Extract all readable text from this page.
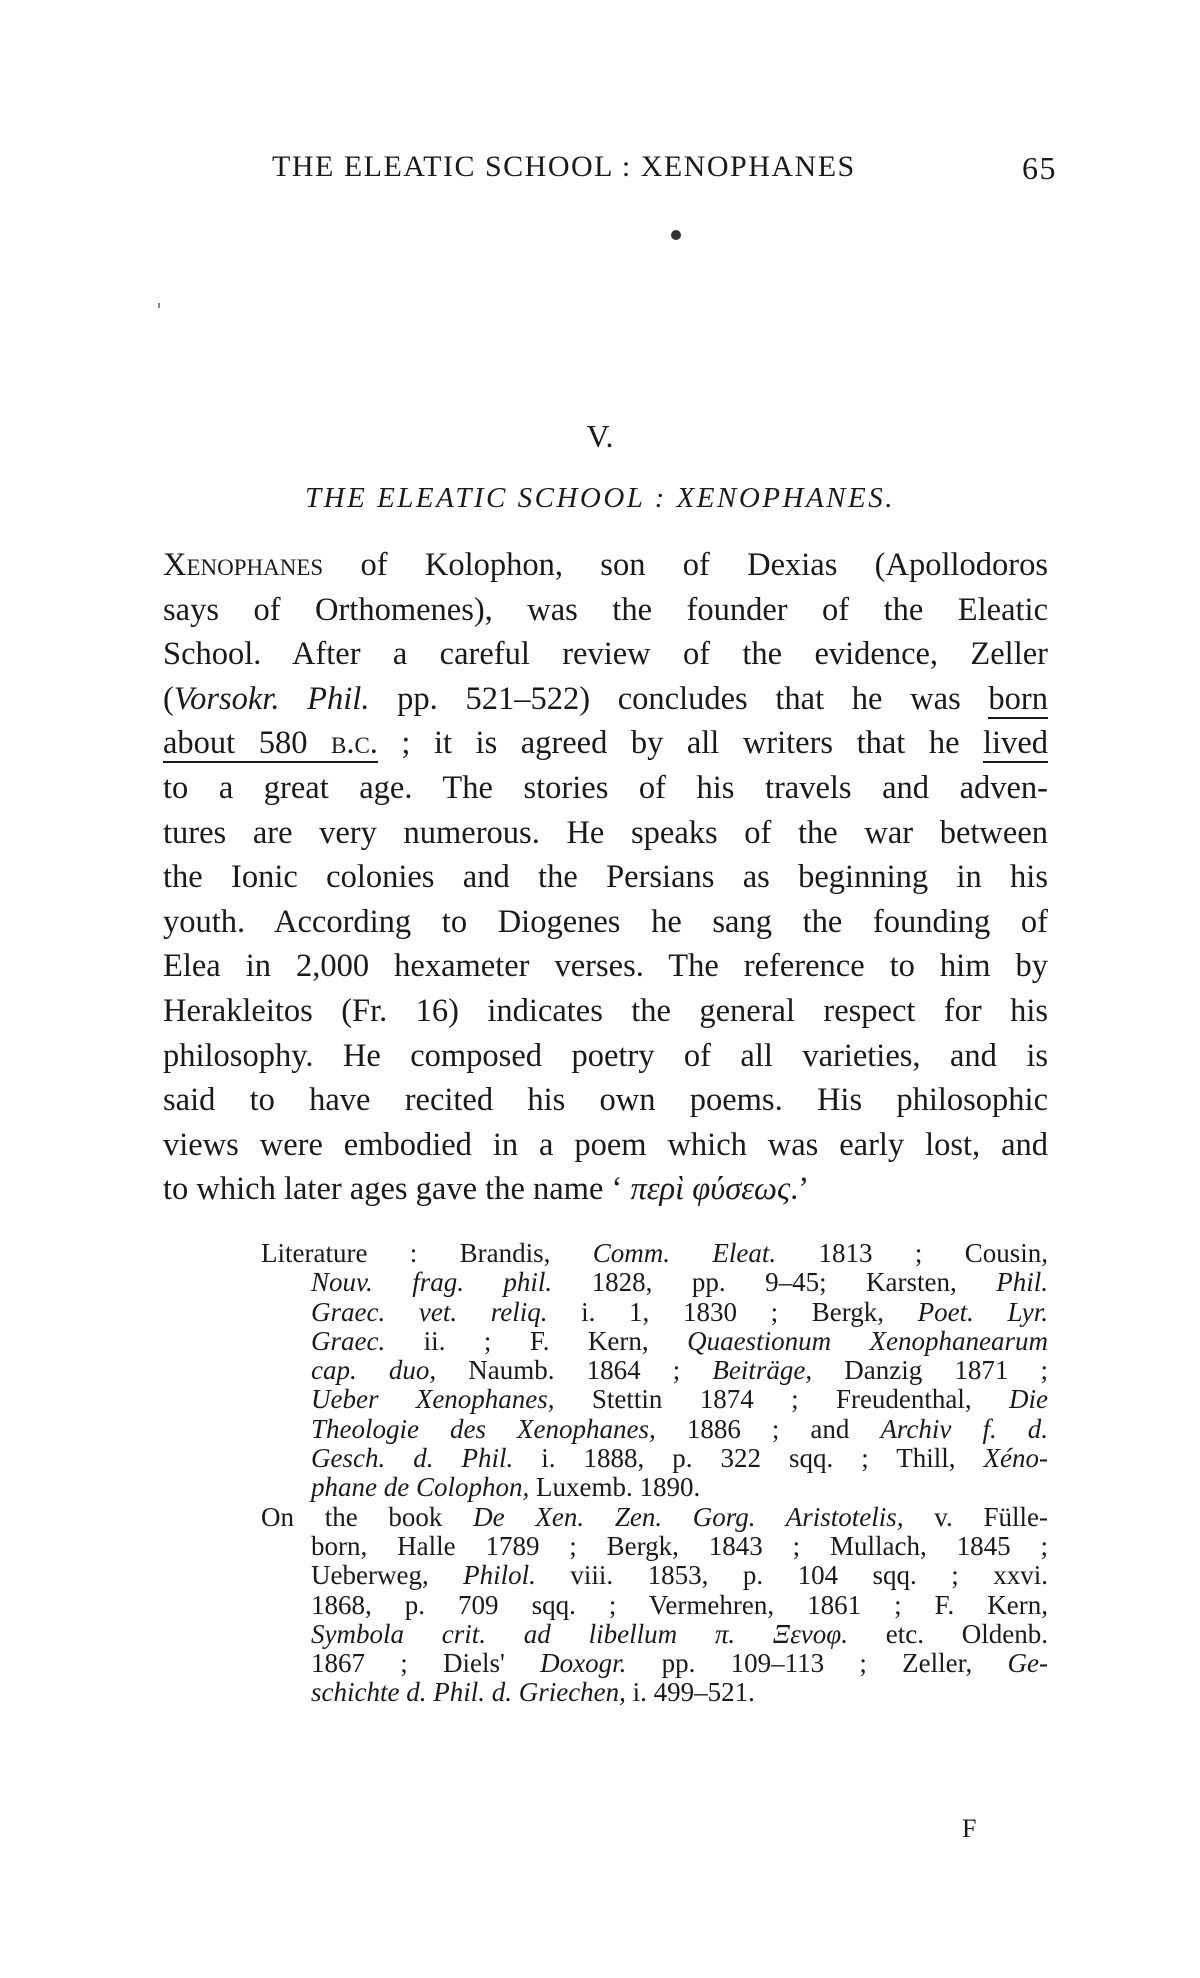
THE ELEATIC SCHOOL : XENOPHANES	65
V.
THE ELEATIC SCHOOL : XENOPHANES.
Xenophanes of Kolophon, son of Dexias (Apollodoros
says of Orthomenes), was the founder of the Eleatic
School. After a careful review of the evidence, Zeller
(Vorsokr. Phil. pp. 521–522) concludes that he was born
about 580 b.c. ; it is agreed by all writers that he lived
to a great age. The stories of his travels and adven-
tures are very numerous. He speaks of the war between
the Ionic colonies and the Persians as beginning in his
youth. According to Diogenes he sang the founding of
Elea in 2,000 hexameter verses. The reference to him by
Herakleitos (Fr. 16) indicates the general respect for his
philosophy. He composed poetry of all varieties, and is
said to have recited his own poems. His philosophic
views were embodied in a poem which was early lost, and
to which later ages gave the name ‘ περὶ φύσεως.’
Literature : Brandis, Comm. Eleat. 1813 ; Cousin,
Nouv. frag. phil. 1828, pp. 9–45; Karsten, Phil.
Graec. vet. reliq. i. 1, 1830 ; Bergk, Poet. Lyr.
Graec. ii. ; F. Kern, Quaestionum Xenophanearum
cap. duo, Naumb. 1864 ; Beiträge, Danzig 1871 ;
Ueber Xenophanes, Stettin 1874 ; Freudenthal, Die
Theologie des Xenophanes, 1886 ; and Archiv f. d.
Gesch. d. Phil. i. 1888, p. 322 sqq. ; Thill, Xéno-
phane de Colophon, Luxemb. 1890.
On the book De Xen. Zen. Gorg. Aristotelis, v. Fülle-
born, Halle 1789 ; Bergk, 1843 ; Mullach, 1845 ;
Ueberweg, Philol. viii. 1853, p. 104 sqq. ; xxvi.
1868, p. 709 sqq. ; Vermehren, 1861 ; F. Kern,
Symbola crit. ad libellum π. Ξενοφ. etc. Oldenb.
1867 ; Diels' Doxogr. pp. 109–113 ; Zeller, Ge-
schichte d. Phil. d. Griechen, i. 499–521.
F
